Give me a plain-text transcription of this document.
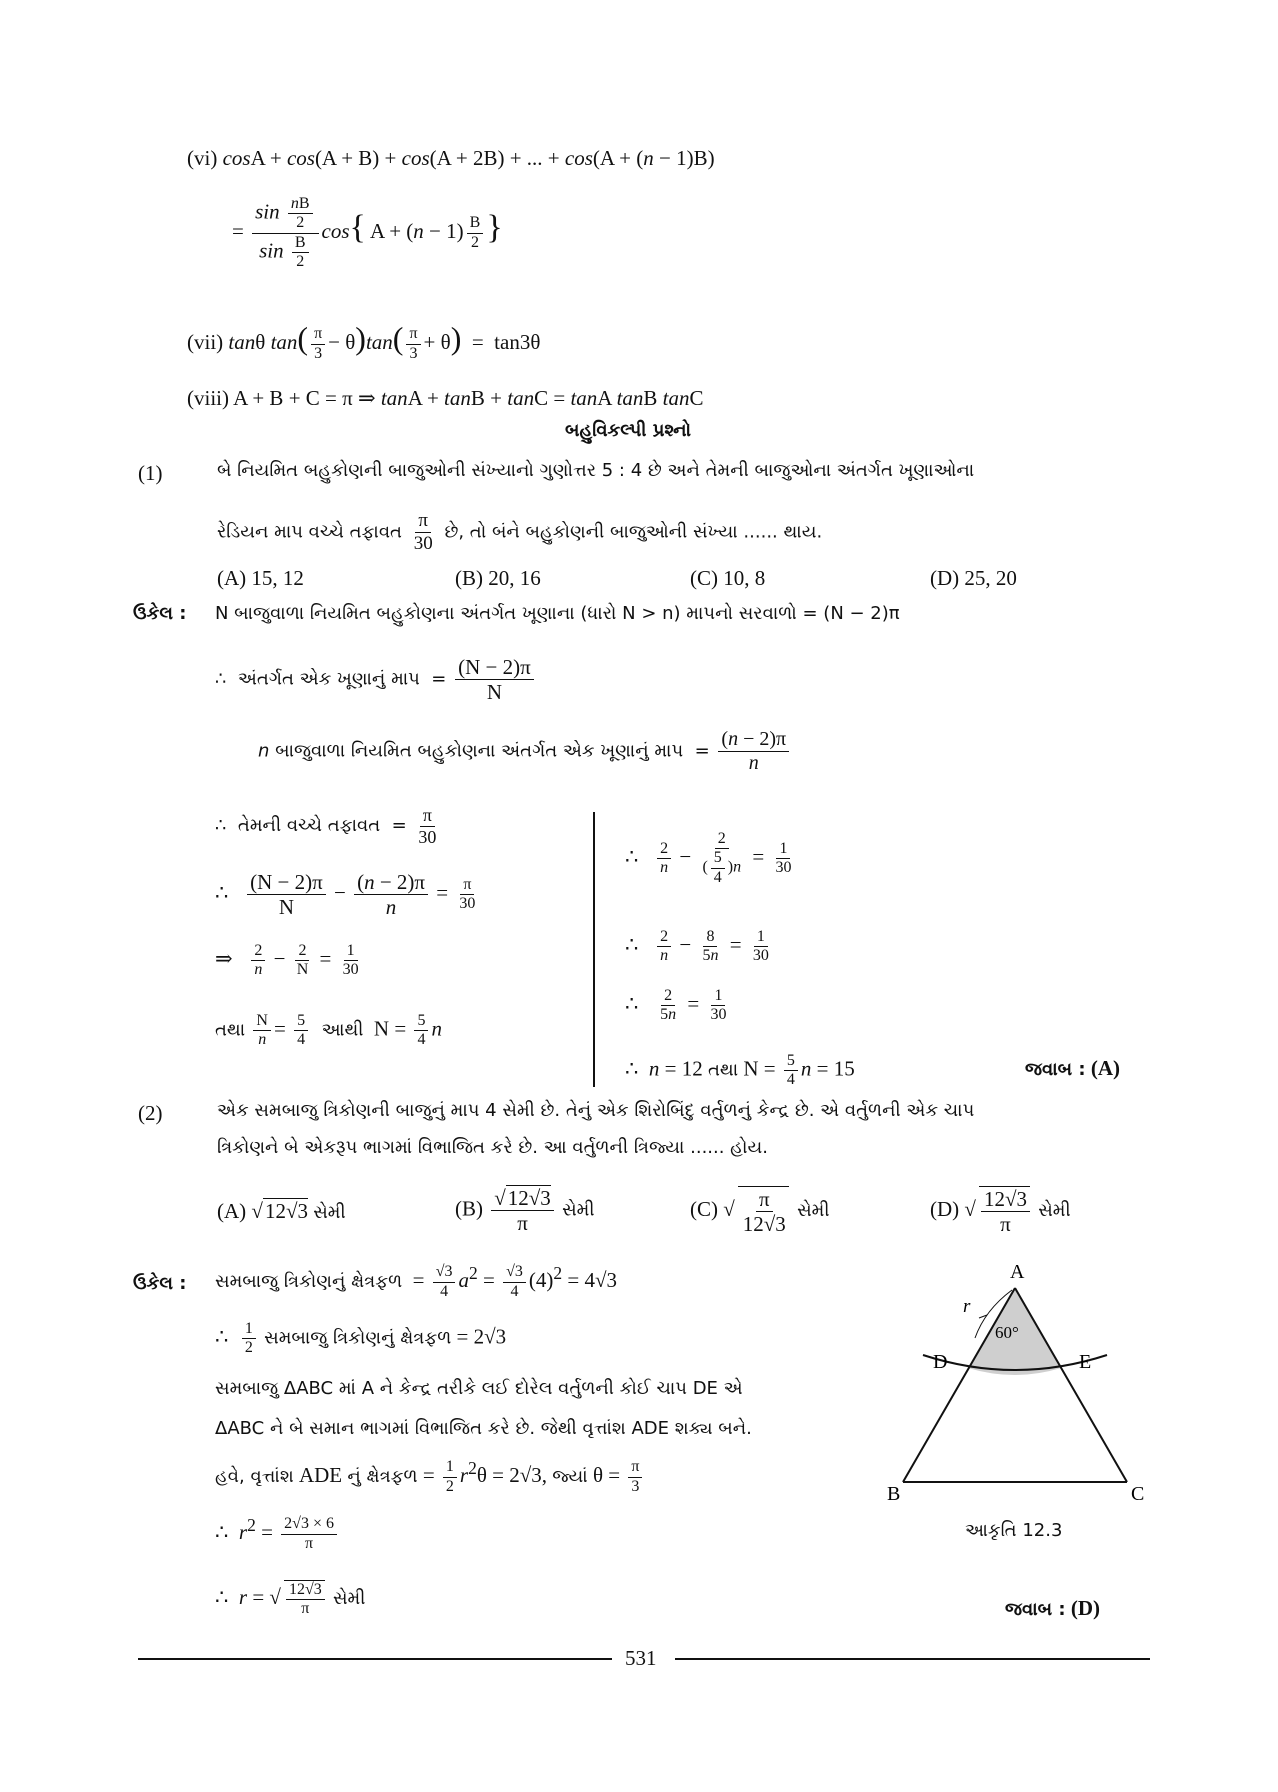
(vi) cosA + cos(A + B) + cos(A + 2B) + ... + cos(A + (n − 1)B)
= $\frac{\sin \frac{nB}{2}}{\sin \frac{B}{2}} \cos${ $A + (n - 1) \frac{B}{2}$ }
(vii) tanθ $\tan( \frac{\pi}{3} - \theta)\tan( \frac{\pi}{3} + \theta) = \tan 3\theta$
(viii) A + B + C = π ⇒ tanA + tanB + tanC = tanA tanB tanC
બહુવિકલ્પી પ્રશ્નો
(1)	બે નિયમિત બહુકોણની બાજુઓની સંખ્યાનો ગુણોત્તર 5 : 4 છે અને તેમની બાજુઓના અંતર્ગત ખૂણાઓના
રેડિયન માપ વચ્ચે તફાવત $\frac{\pi}{30}$ છે, તો બંને બહુકોણની બાજુઓની સંખ્યા ...... થાય.
(A) 15, 12	(B) 20, 16	(C) 10, 8	(D) 25, 20
ઉકેલ : N બાજુવાળા નિયમિત બહુકોણના અંતર્ગત ખૂણાના (ધારો N > n) માપનો સરવાળો = (N − 2)π
∴  અંતર્ગત એક ખૂણાનું માપ  = $\frac{(N - 2)\pi}{N}$
n બાજુવાળા નિયમિત બહુકોણના અંતર્ગત એક ખૂણાનું માપ  = $\frac{(n - 2)\pi}{n}$
∴  તેમની વચ્ચે તફાવત  = $\frac{\pi}{30}$
∴ $\frac{(N - 2)\pi}{N} - \frac{(n - 2)\pi}{n} = \frac{\pi}{30}$
⇒ $\frac{2}{n} - \frac{2}{N} = \frac{1}{30}$
તથા $\frac{N}{n} = \frac{5}{4}$ આથી  $N = \frac{5}{4}$ n
∴ $\frac{2}{n} - \frac{2}{( \frac{5}{4} )n} = \frac{1}{30}$
∴ $\frac{2}{n} - \frac{8}{5n} = \frac{1}{30}$
∴ $\frac{2}{5n} = \frac{1}{30}$
∴  n = 12 તથા $N = \frac{5}{4}$ n = 15	જવાબ : (A)
(2)	એક સમબાજુ ત્રિકોણની બાજુનું માપ 4 સેમી છે. તેનું એક શિરોબિંદુ વર્તુળનું કેન્દ્ર છે. એ વર્તુળની એક ચાપ
ત્રિકોણને બે એકરૂપ ભાગમાં વિભાજિત કરે છે. આ વર્તુળની ત્રિજ્યા ...... હોય.
(A) √12√3 સેમી	$(B) \frac{√12√3}{\pi}$ સેમી	(C) √ $\frac{\pi}{12√3}$ સેમી	(D) √ $\frac{12√3}{\pi}$ સેમી
ઉકેલ : સમબાજુ ત્રિકોણનું ક્ષેત્રફળ  = $\frac{√3}{4} a^2 = \frac{√3}{4} (4)^2 = 4√3$
∴ $\frac{1}{2}$ સમબાજુ ત્રિકોણનું ક્ષેત્રફળ = 2√3
સમબાજુ ΔABC માં A ને કેન્દ્ર તરીકે લઈ દોરેલ વર્તુળની કોઈ ચાપ DE એ
ΔABC ને બે સમાન ભાગમાં વિભાજિત કરે છે. જેથી વૃત્તાંશ ADE શક્ય બને.
હવે, વૃત્તાંશ ADE નું ક્ષેત્રફળ = $\frac{1}{2} r^2\theta = 2√3$, જ્યાં $\theta = \frac{\pi}{3}$
∴  $r^2 = \frac{2√3 \times 6}{\pi}$
∴  r = √ $\frac{12√3}{\pi}$ સેમી
જવાબ : (D)
A
B	C
D	E
r
60°
આકૃતિ 12.3
531
